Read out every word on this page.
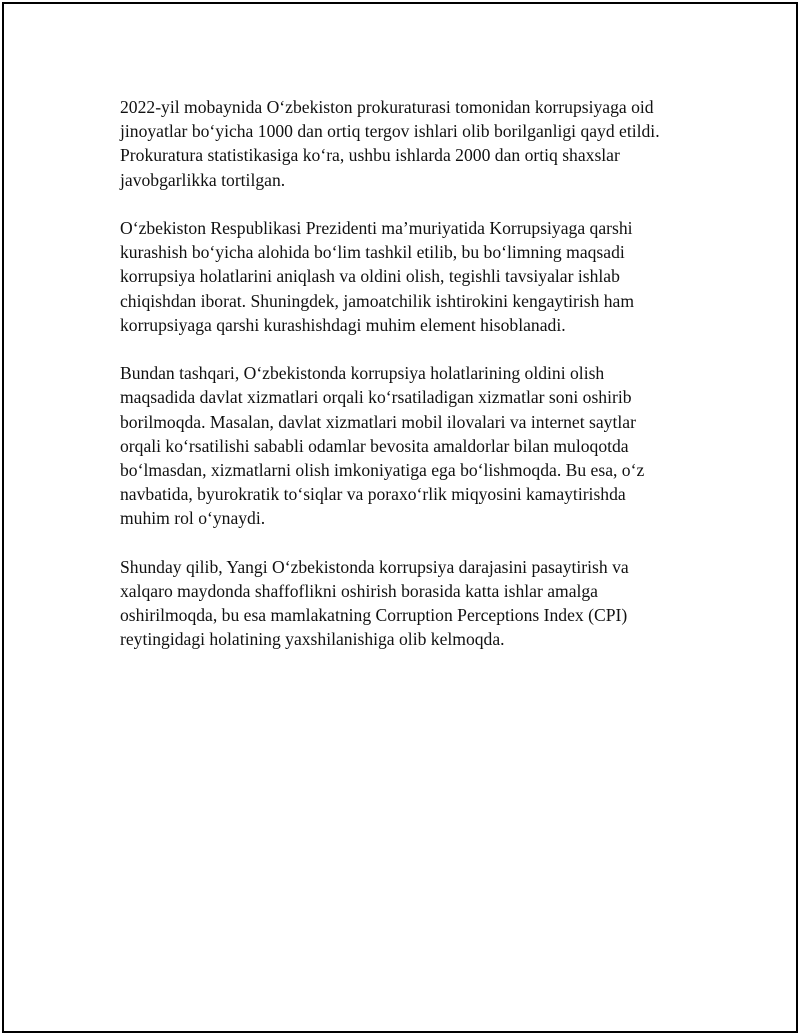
2022-yil mobaynida O‘zbekiston prokuraturasi tomonidan korrupsiyaga oid
jinoyatlar bo‘yicha 1000 dan ortiq tergov ishlari olib borilganligi qayd etildi.
Prokuratura statistikasiga ko‘ra, ushbu ishlarda 2000 dan ortiq shaxslar
javobgarlikka tortilgan.

O‘zbekiston Respublikasi Prezidenti ma’muriyatida Korrupsiyaga qarshi
kurashish bo‘yicha alohida bo‘lim tashkil etilib, bu bo‘limning maqsadi
korrupsiya holatlarini aniqlash va oldini olish, tegishli tavsiyalar ishlab
chiqishdan iborat. Shuningdek, jamoatchilik ishtirokini kengaytirish ham
korrupsiyaga qarshi kurashishdagi muhim element hisoblanadi.

Bundan tashqari, O‘zbekistonda korrupsiya holatlarining oldini olish
maqsadida davlat xizmatlari orqali ko‘rsatiladigan xizmatlar soni oshirib
borilmoqda. Masalan, davlat xizmatlari mobil ilovalari va internet saytlar
orqali ko‘rsatilishi sababli odamlar bevosita amaldorlar bilan muloqotda
bo‘lmasdan, xizmatlarni olish imkoniyatiga ega bo‘lishmoqda. Bu esa, o‘z
navbatida, byurokratik to‘siqlar va poraxo‘rlik miqyosini kamaytirishda
muhim rol o‘ynaydi.

Shunday qilib, Yangi O‘zbekistonda korrupsiya darajasini pasaytirish va
xalqaro maydonda shaffoflikni oshirish borasida katta ishlar amalga
oshirilmoqda, bu esa mamlakatning Corruption Perceptions Index (CPI)
reytingidagi holatining yaxshilanishiga olib kelmoqda.
